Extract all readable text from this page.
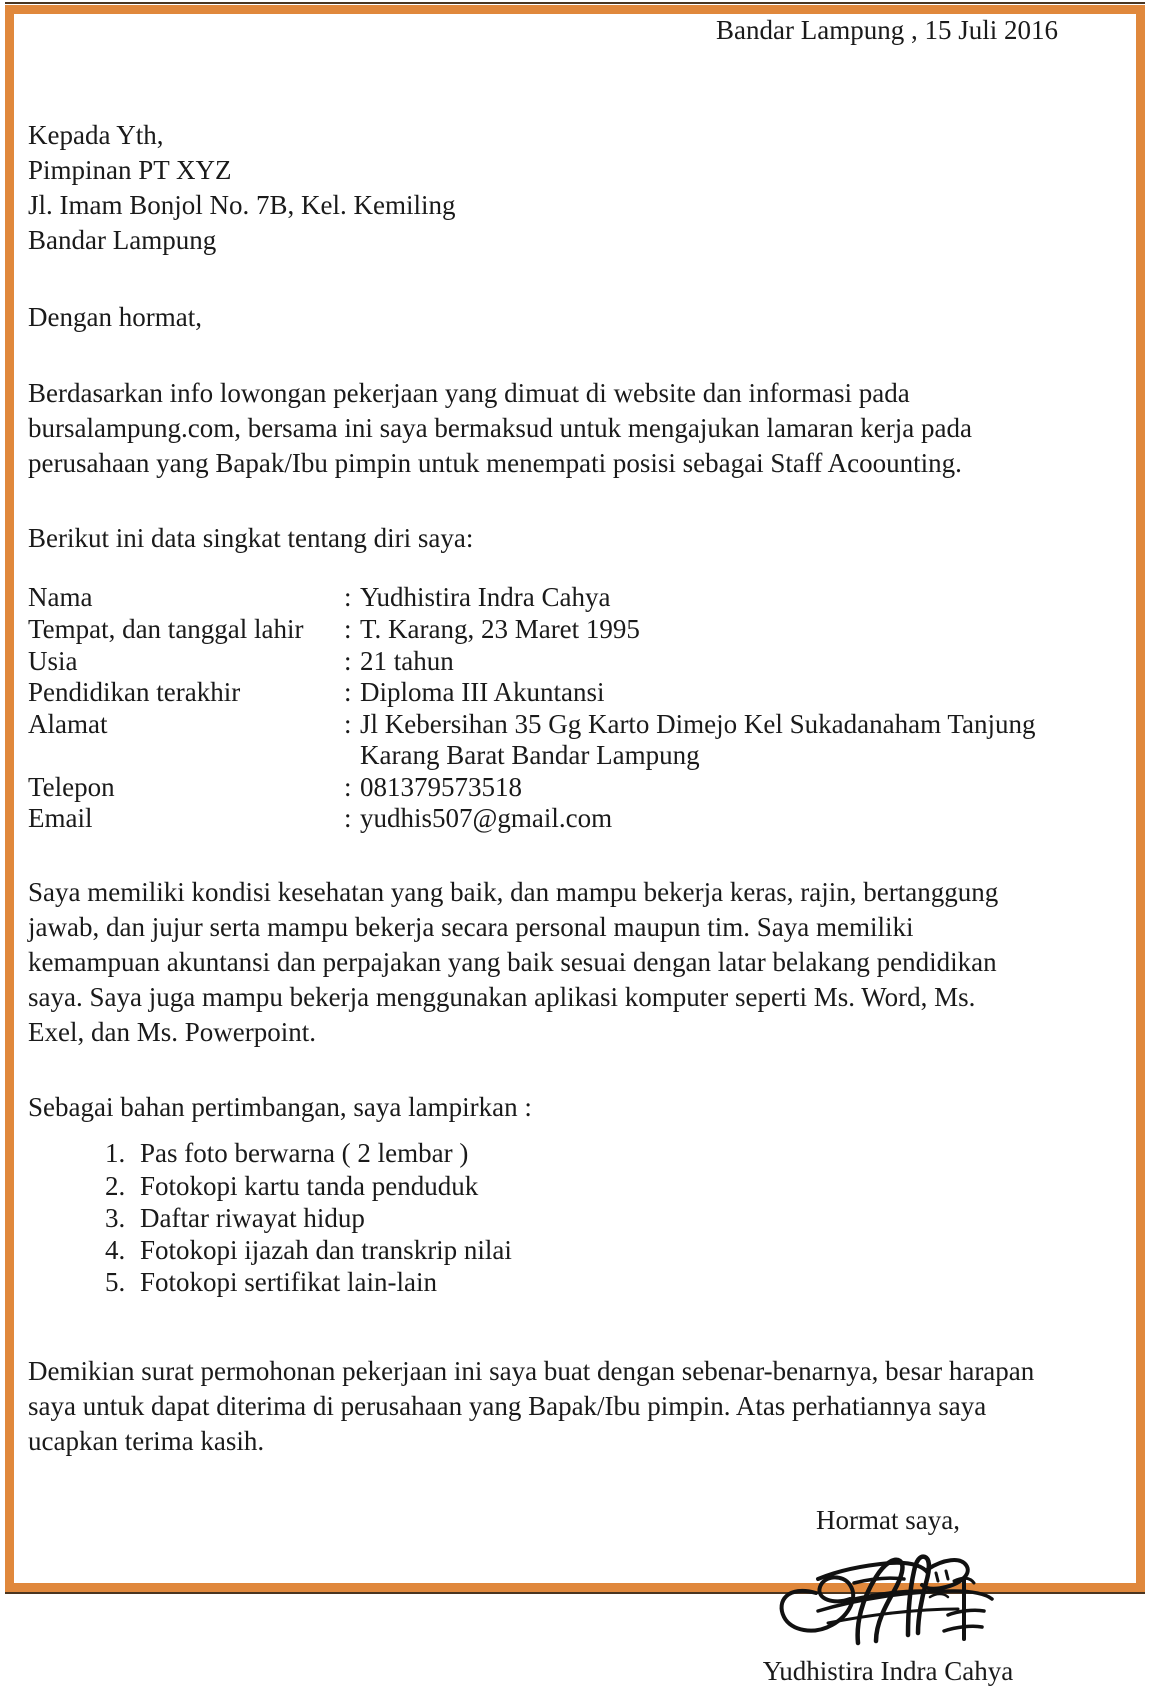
Bandar Lampung , 15 Juli 2016
Kepada Yth,
Pimpinan PT XYZ
Jl. Imam Bonjol No. 7B, Kel. Kemiling
Bandar Lampung
Dengan hormat,
Berdasarkan info lowongan pekerjaan yang dimuat di website dan informasi pada bursalampung.com, bersama ini saya bermaksud untuk mengajukan lamaran kerja pada perusahaan yang Bapak/Ibu pimpin untuk menempati posisi sebagai Staff Acoounting.
Berikut ini data singkat tentang diri saya:
Nama	:	Yudhistira Indra Cahya
Tempat, dan tanggal lahir	:	T. Karang, 23 Maret 1995
Usia	:	21 tahun
Pendidikan terakhir	:	Diploma III Akuntansi
Alamat	:	Jl Kebersihan 35 Gg Karto Dimejo Kel Sukadanaham Tanjung
Karang Barat Bandar Lampung

Telepon	:	081379573518
Email	:	yudhis507@gmail.com
Saya memiliki kondisi kesehatan yang baik, dan mampu bekerja keras, rajin, bertanggung jawab, dan jujur serta mampu bekerja secara personal maupun tim. Saya memiliki kemampuan akuntansi dan perpajakan yang baik sesuai dengan latar belakang pendidikan saya. Saya juga mampu bekerja menggunakan aplikasi komputer seperti Ms. Word, Ms. Exel, dan Ms. Powerpoint.
Sebagai bahan pertimbangan, saya lampirkan :
1. Pas foto berwarna ( 2 lembar )
2. Fotokopi kartu tanda penduduk
3. Daftar riwayat hidup
4. Fotokopi ijazah dan transkrip nilai
5. Fotokopi sertifikat lain-lain
Demikian surat permohonan pekerjaan ini saya buat dengan sebenar-benarnya, besar harapan saya untuk dapat diterima di perusahaan yang Bapak/Ibu pimpin. Atas perhatiannya saya ucapkan terima kasih.
Hormat saya,
Yudhistira Indra Cahya
